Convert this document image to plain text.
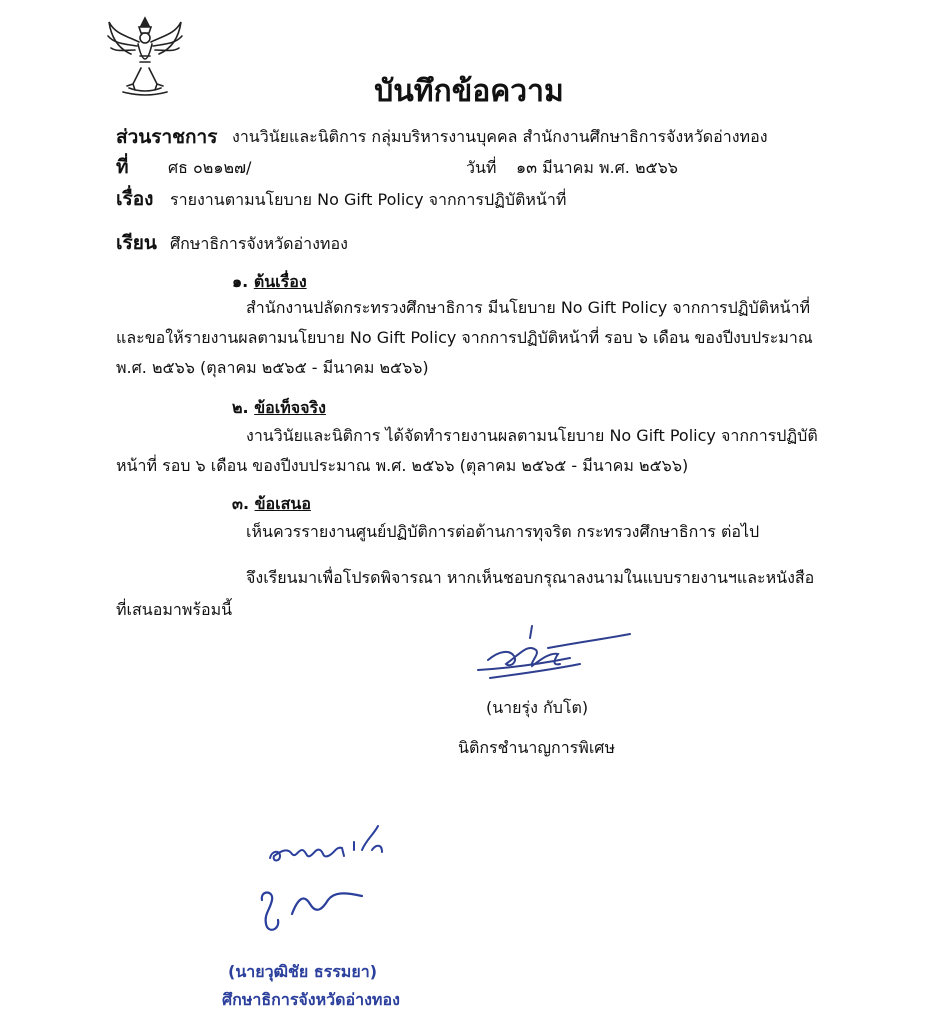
บันทึกข้อความ
ส่วนราชการ งานวินัยและนิติการ กลุ่มบริหารงานบุคคล สำนักงานศึกษาธิการจังหวัดอ่างทอง
ที่ ศธ ๐๒๑๒๗/	วันที่ ๑๓ มีนาคม พ.ศ. ๒๕๖๖
เรื่อง รายงานตามนโยบาย No Gift Policy จากการปฏิบัติหน้าที่
เรียน ศึกษาธิการจังหวัดอ่างทอง
๑. ต้นเรื่อง
สำนักงานปลัดกระทรวงศึกษาธิการ มีนโยบาย No Gift Policy จากการปฏิบัติหน้าที่
และขอให้รายงานผลตามนโยบาย No Gift Policy จากการปฏิบัติหน้าที่ รอบ ๖ เดือน ของปีงบประมาณ
พ.ศ. ๒๕๖๖ (ตุลาคม ๒๕๖๕ - มีนาคม ๒๕๖๖)
๒. ข้อเท็จจริง
งานวินัยและนิติการ ได้จัดทำรายงานผลตามนโยบาย No Gift Policy จากการปฏิบัติ
หน้าที่ รอบ ๖ เดือน ของปีงบประมาณ พ.ศ. ๒๕๖๖ (ตุลาคม ๒๕๖๕ - มีนาคม ๒๕๖๖)
๓. ข้อเสนอ
เห็นควรรายงานศูนย์ปฏิบัติการต่อต้านการทุจริต กระทรวงศึกษาธิการ ต่อไป
จึงเรียนมาเพื่อโปรดพิจารณา หากเห็นชอบกรุณาลงนามในแบบรายงานฯและหนังสือ
ที่เสนอมาพร้อมนี้
(นายรุ่ง กับโต)
นิติกรชำนาญการพิเศษ
(นายวุฒิชัย ธรรมยา)
ศึกษาธิการจังหวัดอ่างทอง
